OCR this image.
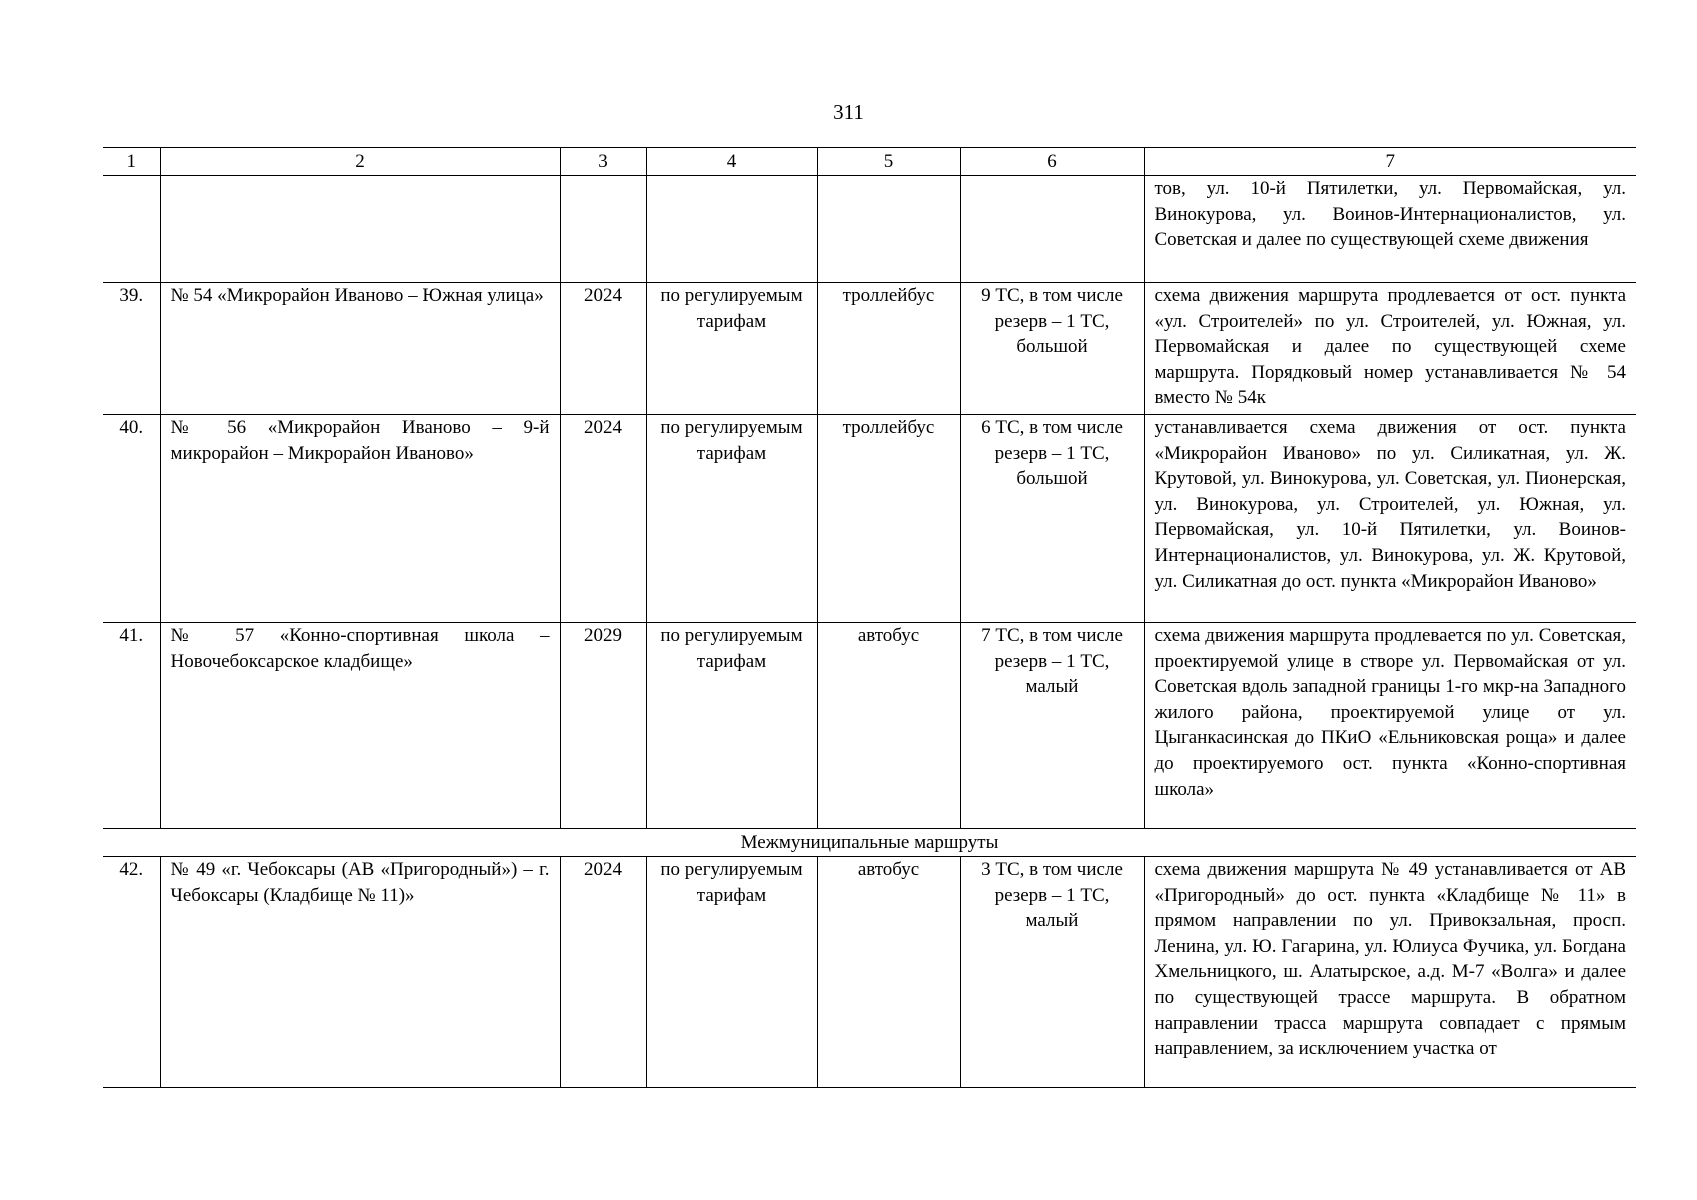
311
1	2	3	4	5	6	7
						тов, ул. 10-й Пятилетки, ул. Первомайская, ул. Винокурова, ул. Воинов-Интернационалистов, ул. Советская и далее по существующей схеме движения
39.	№ 54 «Микрорайон Иваново – Южная улица»	2024	по регулируемым тарифам	троллейбус	9 ТС, в том числе резерв – 1 ТС, большой	схема движения маршрута продлевается от ост. пункта «ул. Строителей» по ул. Строителей, ул. Южная, ул. Первомайская и далее по существующей схеме маршрута. Порядковый номер устанавливается № 54 вместо № 54к
40.	№ 56 «Микрорайон Иваново – 9-й микрорайон – Микрорайон Иваново»	2024	по регулируемым тарифам	троллейбус	6 ТС, в том числе резерв – 1 ТС, большой	устанавливается схема движения от ост. пункта «Микрорайон Иваново» по ул. Силикатная, ул. Ж. Крутовой, ул. Винокурова, ул. Советская, ул. Пионерская, ул. Винокурова, ул. Строителей, ул. Южная, ул. Первомайская, ул. 10-й Пятилетки, ул. Воинов-Интернационалистов, ул. Винокурова, ул. Ж. Крутовой, ул. Силикатная до ост. пункта «Микрорайон Иваново»
41.	№ 57 «Конно-спортивная школа – Новочебоксарское кладбище»	2029	по регулируемым тарифам	автобус	7 ТС, в том числе резерв – 1 ТС, малый	схема движения маршрута продлевается по ул. Советская, проектируемой улице в створе ул. Первомайская от ул. Советская вдоль западной границы 1-го мкр-на Западного жилого района, проектируемой улице от ул. Цыганкасинская до ПКиО «Ельниковская роща» и далее до проектируемого ост. пункта «Конно-спортивная школа»
Межмуниципальные маршруты						
42.	№ 49 «г. Чебоксары (АВ «Пригородный») – г. Чебоксары (Кладбище № 11)»	2024	по регулируемым тарифам	автобус	3 ТС, в том числе резерв – 1 ТС, малый	схема движения маршрута № 49 устанавливается от АВ «Пригородный» до ост. пункта «Кладбище № 11» в прямом направлении по ул. Привокзальная, просп. Ленина, ул. Ю. Гагарина, ул. Юлиуса Фучика, ул. Богдана Хмельницкого, ш. Алатырское, а.д. М-7 «Волга» и далее по существующей трассе маршрута. В обратном направлении трасса маршрута совпадает с прямым направлением, за исключением участка от
